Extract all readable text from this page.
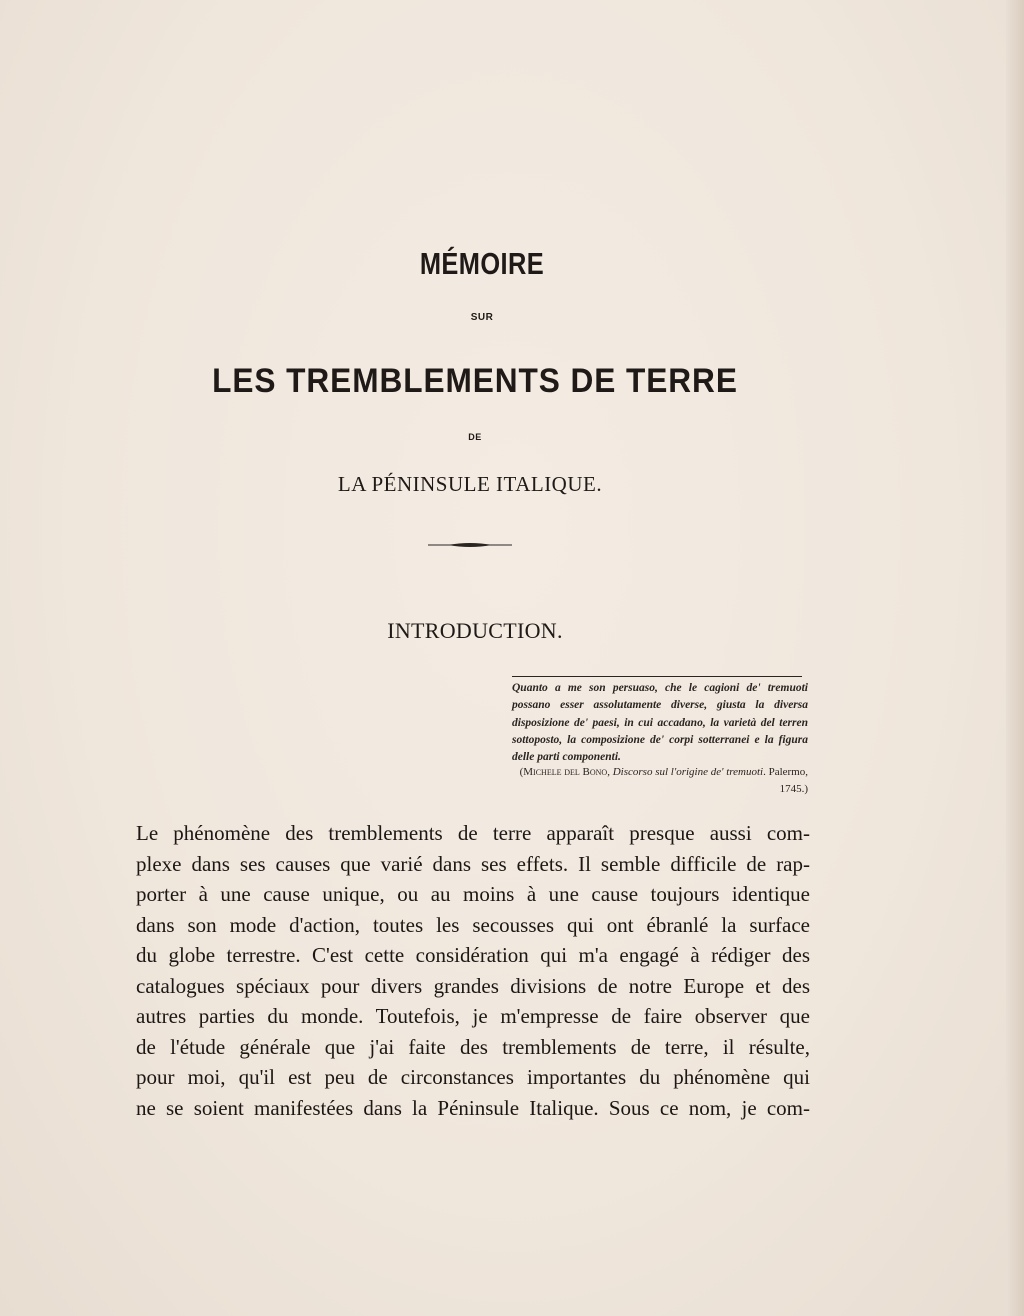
MÉMOIRE
SUR
LES TREMBLEMENTS DE TERRE
DE
LA PÉNINSULE ITALIQUE.
INTRODUCTION.
Quanto a me son persuaso, che le cagioni de' tremuoti possano esser assolutamente diverse, giusta la diversa disposizione de' paesi, in cui accadano, la varietà del terren sottoposto, la composizione de' corpi sotterranei e la figura delle parti componenti.
(Michele del Bono, Discorso sul l'origine de' tremuoti. Palermo, 1745.)
Le phénomène des tremblements de terre apparaît presque aussi com-
plexe dans ses causes que varié dans ses effets. Il semble difficile de rap-
porter à une cause unique, ou au moins à une cause toujours identique
dans son mode d'action, toutes les secousses qui ont ébranlé la surface
du globe terrestre. C'est cette considération qui m'a engagé à rédiger des
catalogues spéciaux pour divers grandes divisions de notre Europe et des
autres parties du monde. Toutefois, je m'empresse de faire observer que
de l'étude générale que j'ai faite des tremblements de terre, il résulte,
pour moi, qu'il est peu de circonstances importantes du phénomène qui
ne se soient manifestées dans la Péninsule Italique. Sous ce nom, je com-
